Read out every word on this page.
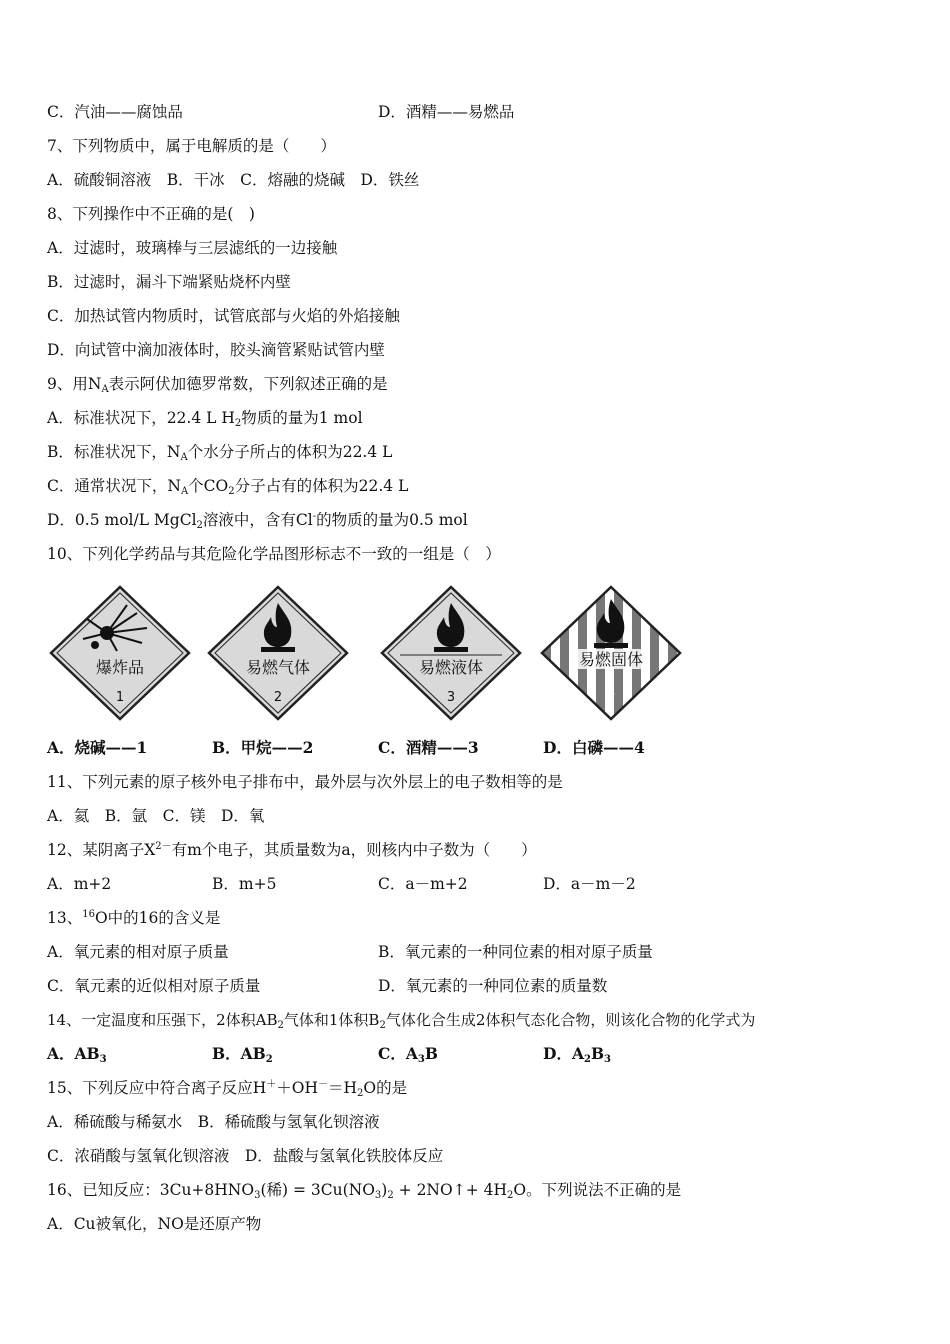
C．汽油——腐蚀品	D．酒精——易燃品
7、下列物质中，属于电解质的是（　　）
A．硫酸铜溶液　B．干冰　C．熔融的烧碱　D．铁丝
8、下列操作中不正确的是(　)
A．过滤时，玻璃棒与三层滤纸的一边接触
B．过滤时，漏斗下端紧贴烧杯内壁
C．加热试管内物质时，试管底部与火焰的外焰接触
D．向试管中滴加液体时，胶头滴管紧贴试管内壁
9、用$N_A$表示阿伏加德罗常数，下列叙述正确的是
A．标准状况下，22.4 L $H_2$物质的量为1 mol
B．标准状况下，$N_A$个水分子所占的体积为22.4 L
C．通常状况下，$N_A$个$CO_2$分子占有的体积为22.4 L
D．0.5 mol/L MgCl$_2$溶液中，含有Cl-的物质的量为0.5 mol
10、下列化学药品与其危险化学品图形标志不一致的一组是（　）
爆炸品
1
易燃气体
2
易燃液体
3
易燃固体
4
A．烧碱——1	B．甲烷——2	C．酒精——3	D．白磷——4
11、下列元素的原子核外电子排布中，最外层与次外层上的电子数相等的是
A．氦　B．氩　C．镁　D．氧
12、某阴离子$X^{2-}$有m个电子，其质量数为a，则核内中子数为（　　）
A．m+2	B．m+5	C．a－m+2	D．a－m－2
13、$^{16}$O中的16的含义是
A．氧元素的相对原子质量	B．氧元素的一种同位素的相对原子质量
C．氧元素的近似相对原子质量	D．氧元素的一种同位素的质量数
14、一定温度和压强下，2体积$AB_2$气体和1体积$B_2$气体化合生成2体积气态化合物，则该化合物的化学式为
A．$AB_3$	B．$AB_2$	C．$A_3B$	D．$A_2B_3$
15、下列反应中符合离子反应$H^++OH^-=H_2O$的是
A．稀硫酸与稀氨水　B．稀硫酸与氢氧化钡溶液
C．浓硝酸与氢氧化钡溶液　D．盐酸与氢氧化铁胶体反应
16、已知反应：$3Cu+8HNO_3$(稀) = $3Cu(NO_3)_2$ + 2NO↑+ $4H_2O$。下列说法不正确的是
A．Cu被氧化，NO是还原产物
